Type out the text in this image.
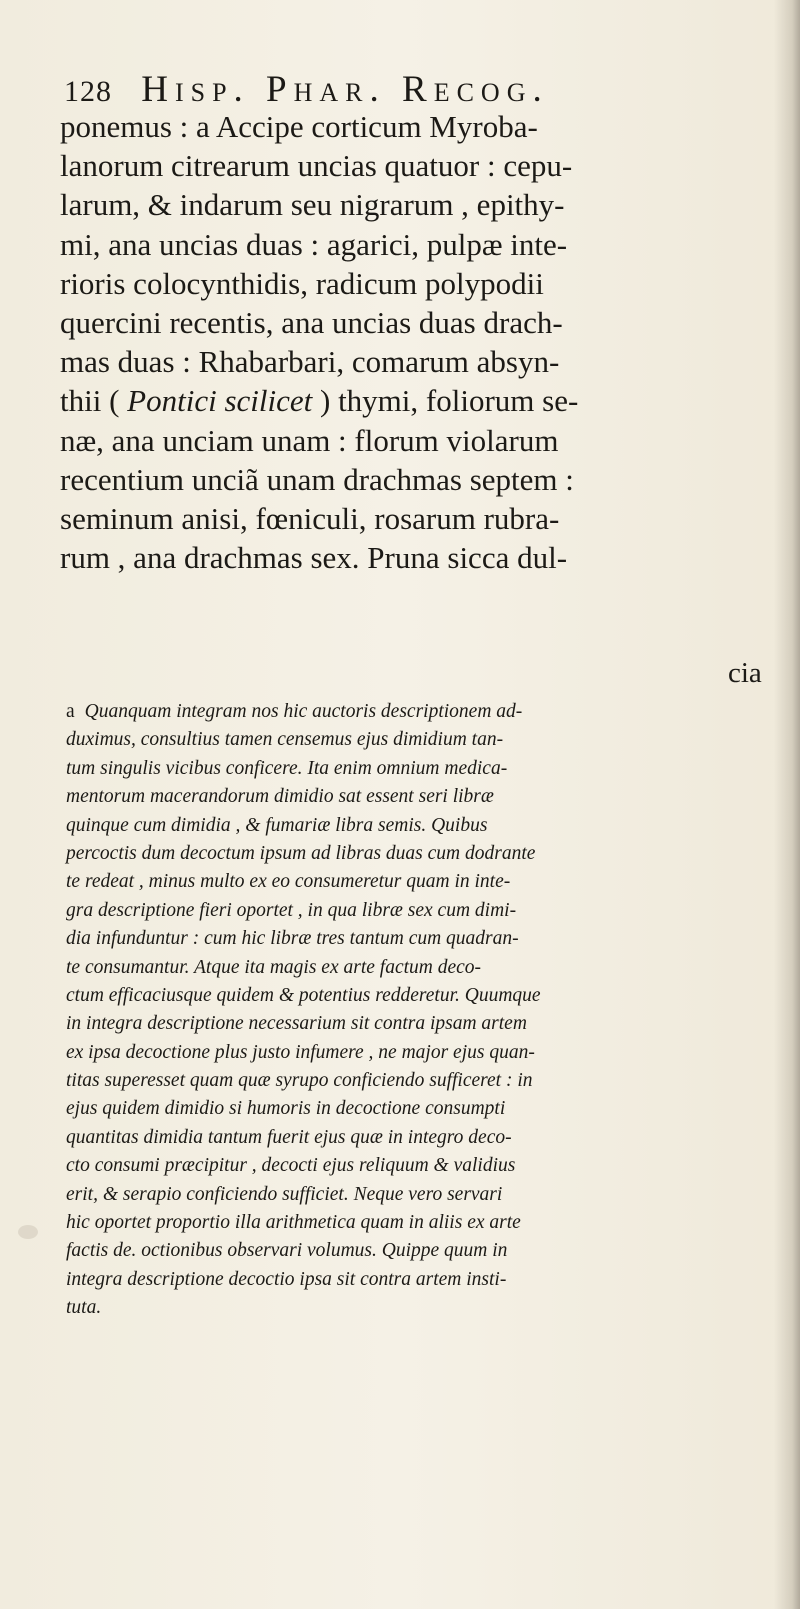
128 Hisp. Phar. Recog.
ponemus : a Accipe corticum Myroba-
lanorum citrearum uncias quatuor : cepu-
larum, & indarum seu nigrarum , epithy-
mi, ana uncias duas : agarici, pulpæ inte-
rioris colocynthidis, radicum polypodii
quercini recentis, ana uncias duas drach-
mas duas : Rhabarbari, comarum absyn-
thii ( Pontici scilicet ) thymi, foliorum se-
næ, ana unciam unam : florum violarum
recentium unciã unam drachmas septem :
seminum anisi, fœniculi, rosarum rubra-
rum , ana drachmas sex. Pruna sicca dul-
cia
a Quanquam integram nos hic auctoris descriptionem ad-
duximus, consultius tamen censemus ejus dimidium tan-
tum singulis vicibus conficere. Ita enim omnium medica-
mentorum macerandorum dimidio sat essent seri libræ
quinque cum dimidia , & fumariæ libra semis. Quibus
percoctis dum decoctum ipsum ad libras duas cum dodrante
te redeat , minus multo ex eo consumeretur quam in inte-
gra descriptione fieri oportet , in qua libræ sex cum dimi-
dia infunduntur : cum hic libræ tres tantum cum quadran-
te consumantur. Atque ita magis ex arte factum deco-
ctum efficaciusque quidem & potentius redderetur. Quumque
in integra descriptione necessarium sit contra ipsam artem
ex ipsa decoctione plus justo infumere , ne major ejus quan-
titas superesset quam quæ syrupo conficiendo sufficeret : in
ejus quidem dimidio si humoris in decoctione consumpti
quantitas dimidia tantum fuerit ejus quæ in integro deco-
cto consumi præcipitur , decocti ejus reliquum & validius
erit, & serapio conficiendo sufficiet. Neque vero servari
hic oportet proportio illa arithmetica quam in aliis ex arte
factis de. octionibus observari volumus. Quippe quum in
integra descriptione decoctio ipsa sit contra artem insti-
tuta.
